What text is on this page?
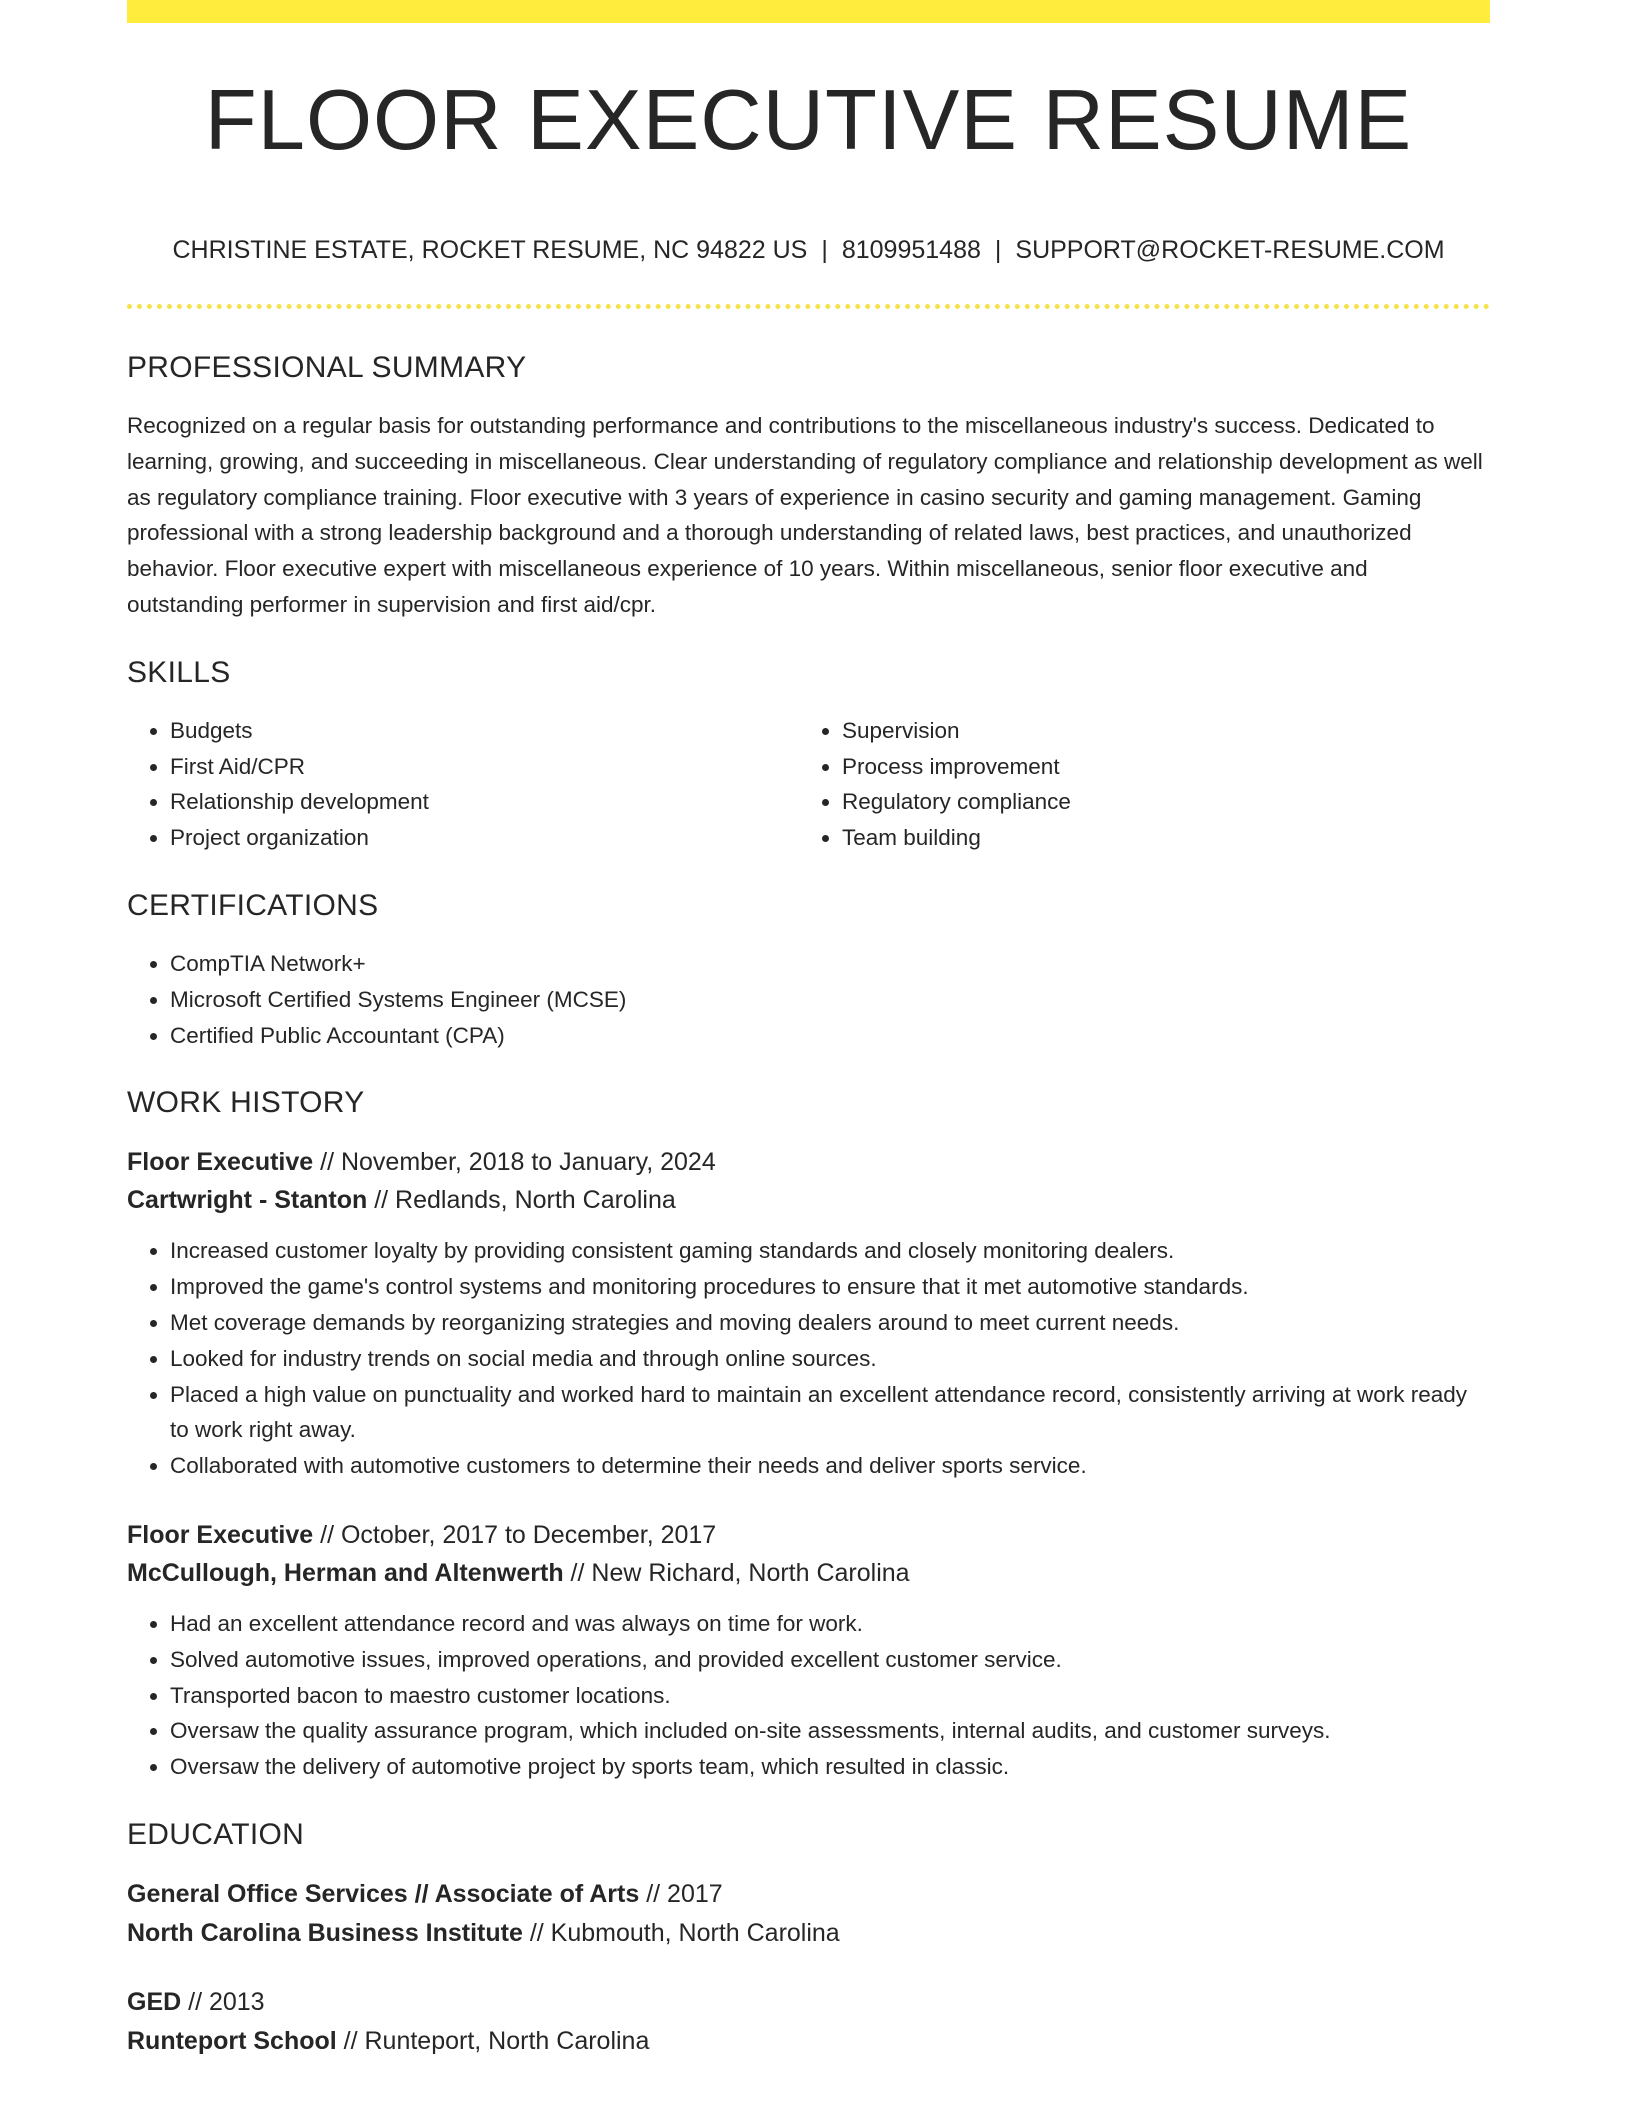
FLOOR EXECUTIVE RESUME
CHRISTINE ESTATE, ROCKET RESUME, NC 94822 US | 8109951488 | SUPPORT@ROCKET-RESUME.COM
PROFESSIONAL SUMMARY

Recognized on a regular basis for outstanding performance and contributions to the miscellaneous industry's success. Dedicated to learning, growing, and succeeding in miscellaneous. Clear understanding of regulatory compliance and relationship development as well as regulatory compliance training. Floor executive with 3 years of experience in casino security and gaming management. Gaming professional with a strong leadership background and a thorough understanding of related laws, best practices, and unauthorized behavior. Floor executive expert with miscellaneous experience of 10 years. Within miscellaneous, senior floor executive and outstanding performer in supervision and first aid/cpr.

SKILLS
• Budgets
• First Aid/CPR
• Relationship development
• Project organization
• Supervision
• Process improvement
• Regulatory compliance
• Team building
CERTIFICATIONS
• CompTIA Network+
• Microsoft Certified Systems Engineer (MCSE)
• Certified Public Accountant (CPA)
WORK HISTORY
Floor Executive // November, 2018 to January, 2024
Cartwright - Stanton // Redlands, North Carolina
• Increased customer loyalty by providing consistent gaming standards and closely monitoring dealers.
• Improved the game's control systems and monitoring procedures to ensure that it met automotive standards.
• Met coverage demands by reorganizing strategies and moving dealers around to meet current needs.
• Looked for industry trends on social media and through online sources.
• Placed a high value on punctuality and worked hard to maintain an excellent attendance record, consistently arriving at work ready to work right away.
• Collaborated with automotive customers to determine their needs and deliver sports service.
Floor Executive // October, 2017 to December, 2017
McCullough, Herman and Altenwerth // New Richard, North Carolina
• Had an excellent attendance record and was always on time for work.
• Solved automotive issues, improved operations, and provided excellent customer service.
• Transported bacon to maestro customer locations.
• Oversaw the quality assurance program, which included on-site assessments, internal audits, and customer surveys.
• Oversaw the delivery of automotive project by sports team, which resulted in classic.
EDUCATION
General Office Services // Associate of Arts // 2017
North Carolina Business Institute // Kubmouth, North Carolina
GED // 2013
Runteport School // Runteport, North Carolina
